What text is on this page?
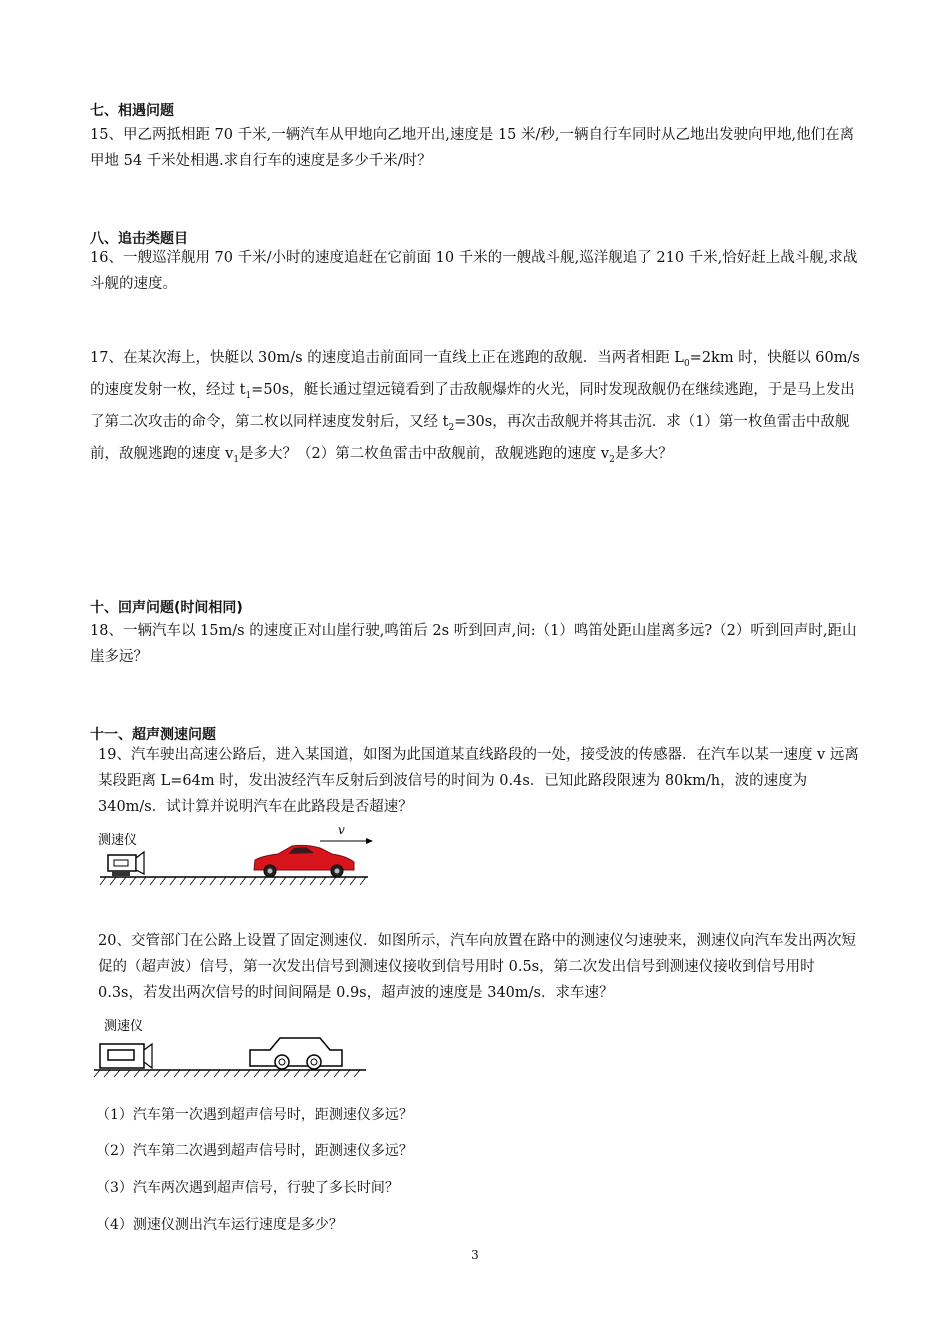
七、相遇问题

15、甲乙两抵相距 70 千米,一辆汽车从甲地向乙地开出,速度是 15 米/秒,一辆自行车同时从乙地出发驶向甲地,他们在离甲地 54 千米处相遇.求自行车的速度是多少千米/时？

八、追击类题目

16、一艘巡洋舰用 70 千米/小时的速度追赶在它前面 10 千米的一艘战斗舰,巡洋舰追了 210 千米,恰好赶上战斗舰,求战斗舰的速度。

17、在某次海上，快艇以 30m/s 的速度追击前面同一直线上正在逃跑的敌舰．当两者相距 $L_0=2km$ 时，快艇以 60m/s 的速度发射一枚，经过 $t_1=50s$，艇长通过望远镜看到了击敌舰爆炸的火光，同时发现敌舰仍在继续逃跑，于是马上发出了第二次攻击的命令，第二枚以同样速度发射后，又经 $t_2=30s$，再次击敌舰并将其击沉．求（1）第一枚鱼雷击中敌舰前，敌舰逃跑的速度 $v_1$是多大？（2）第二枚鱼雷击中敌舰前，敌舰逃跑的速度 $v_2$是多大？

十、回声问题(时间相同)

18、一辆汽车以 15m/s 的速度正对山崖行驶,鸣笛后 2s 听到回声,问:（1）鸣笛处距山崖离多远?（2）听到回声时,距山崖多远？

十一、超声测速问题

19、汽车驶出高速公路后，进入某国道，如图为此国道某直线路段的一处，接受波的传感器．在汽车以某一速度 v 远离某段距离 L=64m 时，发出波经汽车反射后到波信号的时间为 0.4s．已知此路段限速为 80km/h，波的速度为 340m/s．试计算并说明汽车在此路段是否超速？

测速仪
v

20、交管部门在公路上设置了固定测速仪．如图所示，汽车向放置在路中的测速仪匀速驶来，测速仪向汽车发出两次短促的（超声波）信号，第一次发出信号到测速仪接收到信号用时 0.5s，第二次发出信号到测速仪接收到信号用时 0.3s，若发出两次信号的时间间隔是 0.9s，超声波的速度是 340m/s．求车速？

测速仪
（1）汽车第一次遇到超声信号时，距测速仪多远？
（2）汽车第二次遇到超声信号时，距测速仪多远？
（3）汽车两次遇到超声信号，行驶了多长时间？
（4）测速仪测出汽车运行速度是多少？
3
